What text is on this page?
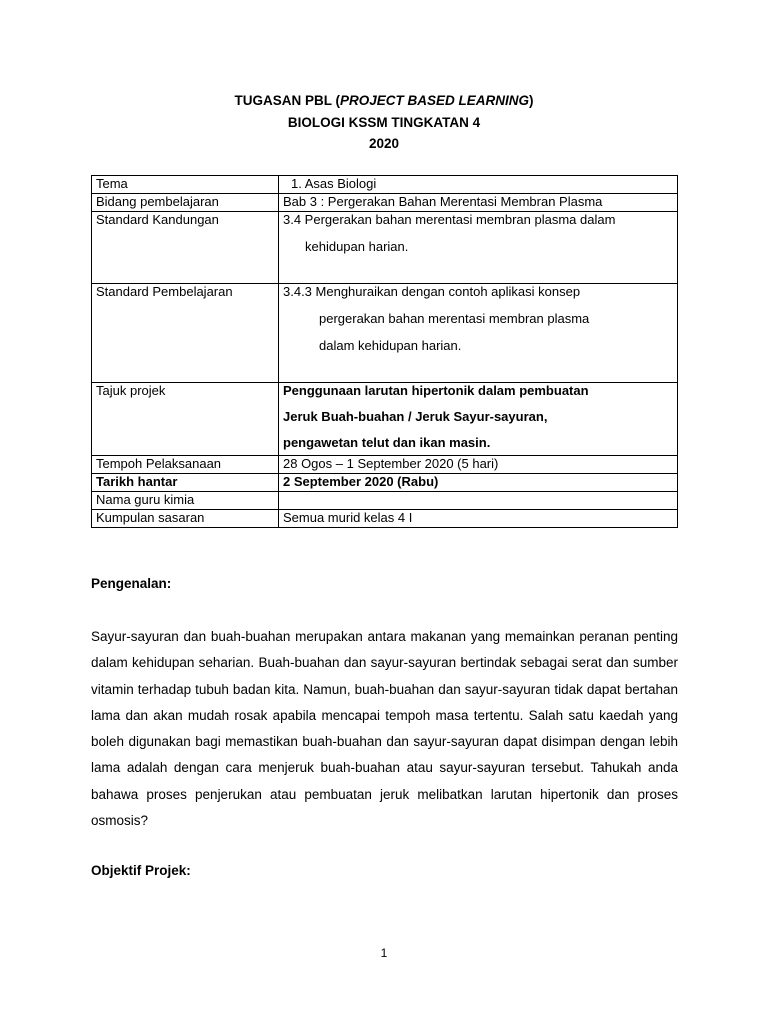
TUGASAN PBL (PROJECT BASED LEARNING)
BIOLOGI KSSM TINGKATAN 4
2020
Tema	1. Asas Biologi
Bidang pembelajaran	Bab 3 : Pergerakan Bahan Merentasi Membran Plasma
Standard Kandungan	3.4 Pergerakan bahan merentasi membran plasma dalam
kehidupan harian.

Standard Pembelajaran	3.4.3 Menghuraikan dengan contoh aplikasi konsep
pergerakan bahan merentasi membran plasma
dalam kehidupan harian.

Tajuk projek	Penggunaan larutan hipertonik dalam pembuatan
Jeruk Buah-buahan / Jeruk Sayur-sayuran,
pengawetan telut dan ikan masin.

Tempoh Pelaksanaan	28 Ogos – 1 September 2020 (5 hari)
Tarikh hantar	2 September 2020 (Rabu)
Nama guru kimia	
Kumpulan sasaran	Semua murid kelas 4 I
Pengenalan:
Sayur-sayuran dan buah-buahan merupakan antara makanan yang memainkan peranan penting dalam kehidupan seharian. Buah-buahan dan sayur-sayuran bertindak sebagai serat dan sumber vitamin terhadap tubuh badan kita. Namun, buah-buahan dan sayur-sayuran tidak dapat bertahan lama dan akan mudah rosak apabila mencapai tempoh masa tertentu. Salah satu kaedah yang boleh digunakan bagi memastikan buah-buahan dan sayur-sayuran dapat disimpan dengan lebih lama adalah dengan cara menjeruk buah-buahan atau sayur-sayuran tersebut. Tahukah anda bahawa proses penjerukan atau pembuatan jeruk melibatkan larutan hipertonik dan proses osmosis?
Objektif Projek:
1
